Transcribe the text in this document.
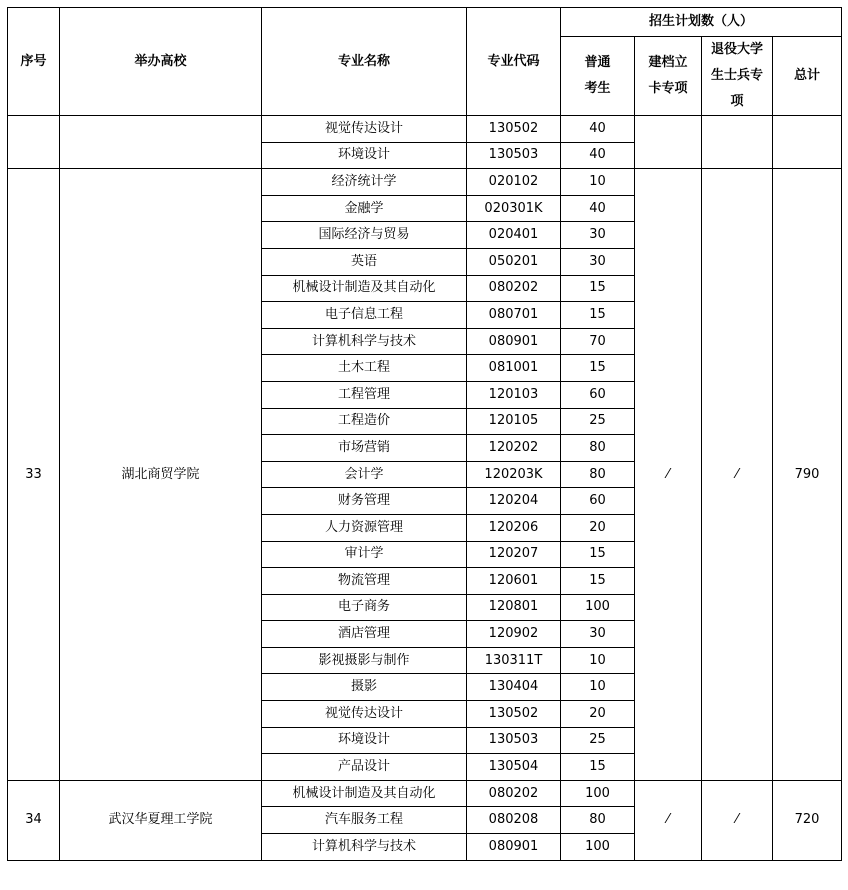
序号	举办高校	专业名称	专业代码	招生计划数（人）			

				普通考生	建档立卡专项	退役大学生士兵专项	总计
		视觉传达设计	130502	40			
		环境设计	130503	40			
33	湖北商贸学院	经济统计学	020102	10	⁄	⁄	790
		金融学	020301K	40			
		国际经济与贸易	020401	30			
		英语	050201	30			
		机械设计制造及其自动化	080202	15			
		电子信息工程	080701	15			
		计算机科学与技术	080901	70			
		土木工程	081001	15			
		工程管理	120103	60			
		工程造价	120105	25			
		市场营销	120202	80			
		会计学	120203K	80			
		财务管理	120204	60			
		人力资源管理	120206	20			
		审计学	120207	15			
		物流管理	120601	15			
		电子商务	120801	100			
		酒店管理	120902	30			
		影视摄影与制作	130311T	10			
		摄影	130404	10			
		视觉传达设计	130502	20			
		环境设计	130503	25			
		产品设计	130504	15			
34	武汉华夏理工学院	机械设计制造及其自动化	080202	100	⁄	⁄	720
		汽车服务工程	080208	80			
		计算机科学与技术	080901	100			
